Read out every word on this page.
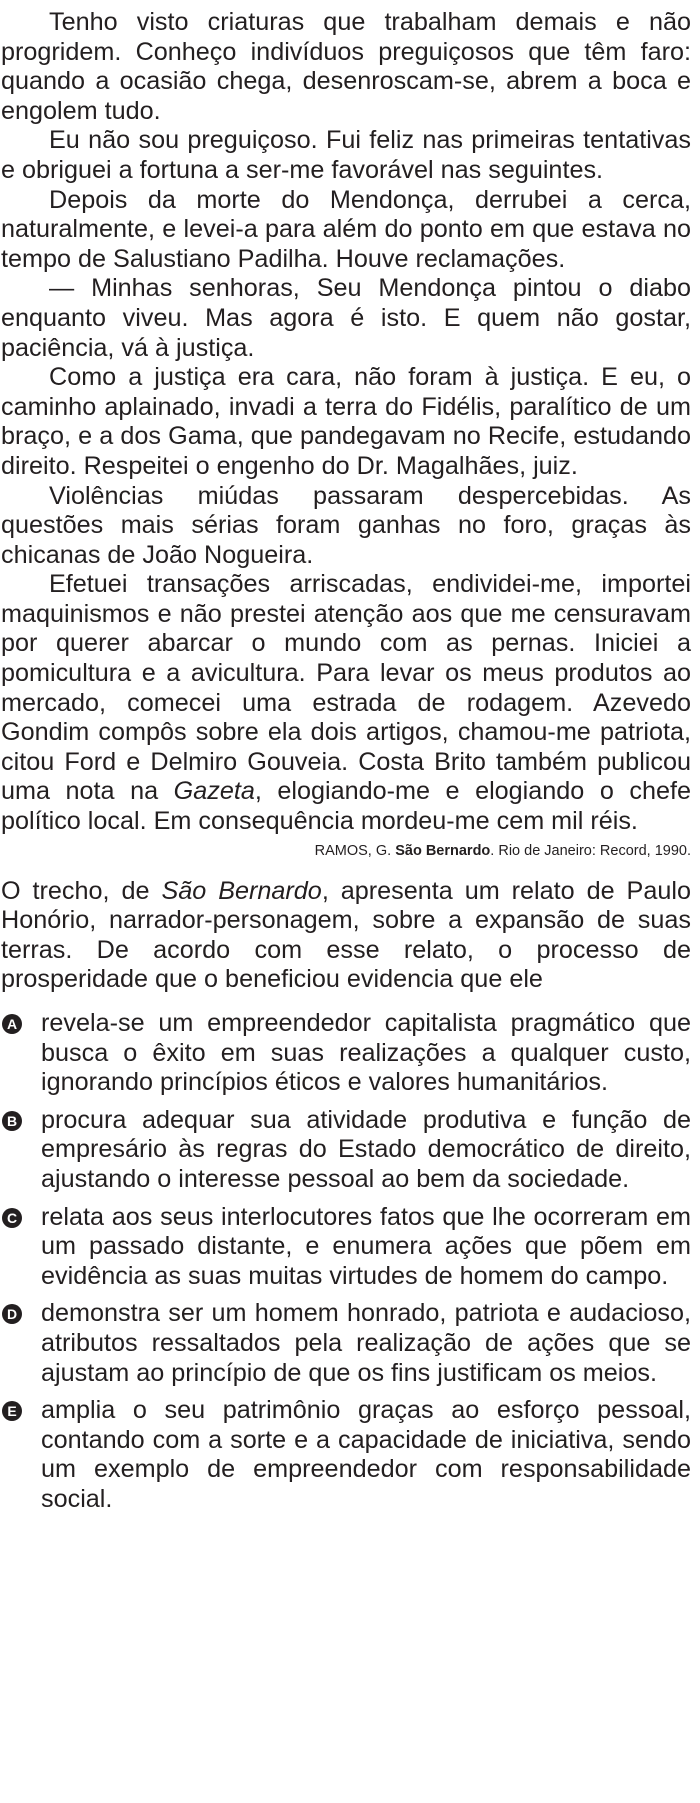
Tenho visto criaturas que trabalham demais e não progridem. Conheço indivíduos preguiçosos que têm faro: quando a ocasião chega, desenroscam-se, abrem a boca e engolem tudo.

Eu não sou preguiçoso. Fui feliz nas primeiras tentativas e obriguei a fortuna a ser-me favorável nas seguintes.

Depois da morte do Mendonça, derrubei a cerca, naturalmente, e levei-a para além do ponto em que estava no tempo de Salustiano Padilha. Houve reclamações.

— Minhas senhoras, Seu Mendonça pintou o diabo enquanto viveu. Mas agora é isto. E quem não gostar, paciência, vá à justiça.

Como a justiça era cara, não foram à justiça. E eu, o caminho aplainado, invadi a terra do Fidélis, paralítico de um braço, e a dos Gama, que pandegavam no Recife, estudando direito. Respeitei o engenho do Dr. Magalhães, juiz.

Violências miúdas passaram despercebidas. As questões mais sérias foram ganhas no foro, graças às chicanas de João Nogueira.

Efetuei transações arriscadas, endividei-me, importei maquinismos e não prestei atenção aos que me censuravam por querer abarcar o mundo com as pernas. Iniciei a pomicultura e a avicultura. Para levar os meus produtos ao mercado, comecei uma estrada de rodagem. Azevedo Gondim compôs sobre ela dois artigos, chamou-me patriota, citou Ford e Delmiro Gouveia. Costa Brito também publicou uma nota na Gazeta, elogiando-me e elogiando o chefe político local. Em consequência mordeu-me cem mil réis.

RAMOS, G. São Bernardo. Rio de Janeiro: Record, 1990.

O trecho, de São Bernardo, apresenta um relato de Paulo Honório, narrador-personagem, sobre a expansão de suas terras. De acordo com esse relato, o processo de prosperidade que o beneficiou evidencia que ele

A revela-se um empreendedor capitalista pragmático que busca o êxito em suas realizações a qualquer custo, ignorando princípios éticos e valores humanitários.
B procura adequar sua atividade produtiva e função de empresário às regras do Estado democrático de direito, ajustando o interesse pessoal ao bem da sociedade.
C relata aos seus interlocutores fatos que lhe ocorreram em um passado distante, e enumera ações que põem em evidência as suas muitas virtudes de homem do campo.
D demonstra ser um homem honrado, patriota e audacioso, atributos ressaltados pela realização de ações que se ajustam ao princípio de que os fins justificam os meios.
E amplia o seu patrimônio graças ao esforço pessoal, contando com a sorte e a capacidade de iniciativa, sendo um exemplo de empreendedor com responsabilidade social.
